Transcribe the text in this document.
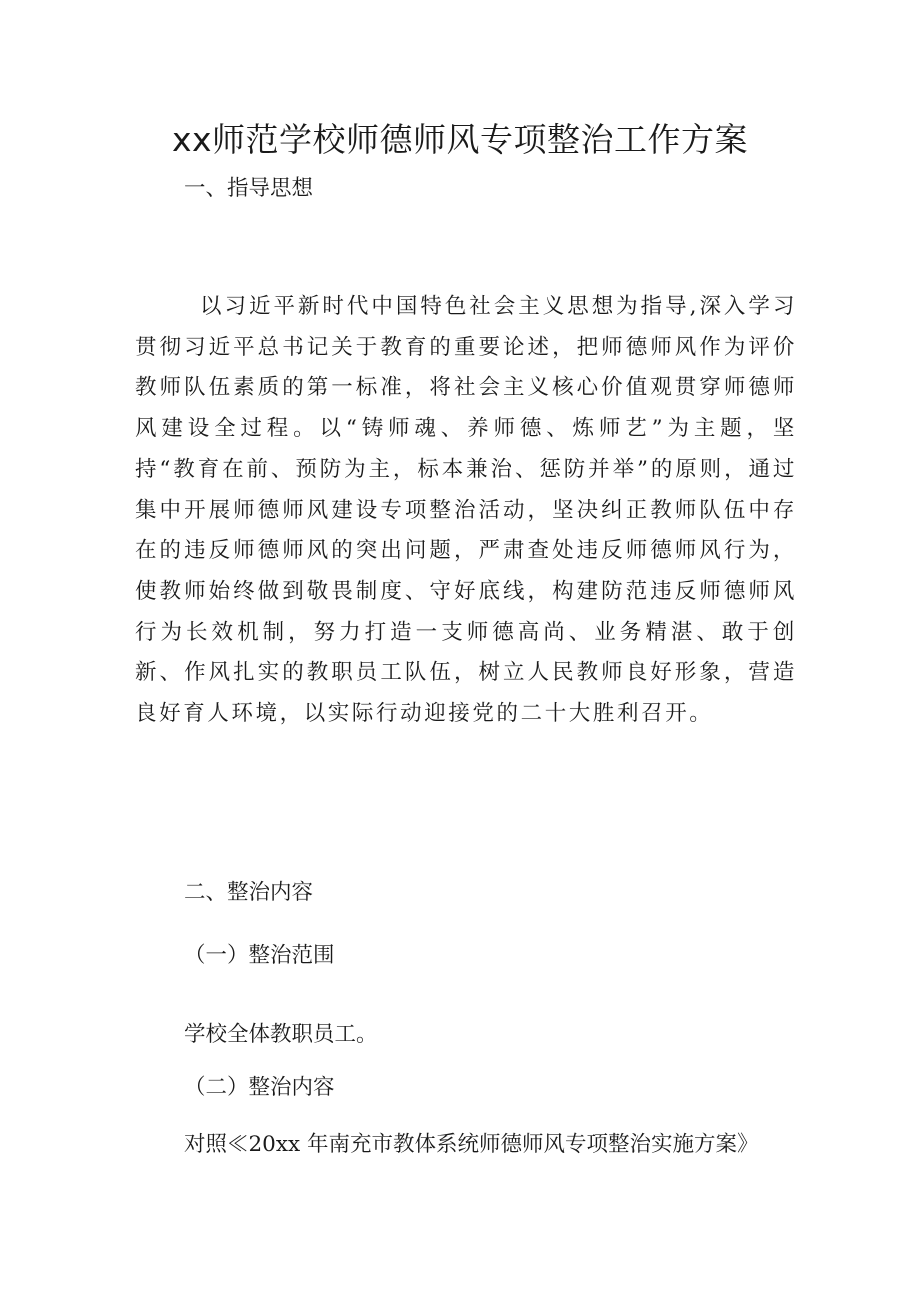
xx师范学校师德师风专项整治工作方案

一、指导思想

以习近平新时代中国特色社会主义思想为指导,深入学习贯彻习近平总书记关于教育的重要论述，把师德师风作为评价教师队伍素质的第一标准，将社会主义核心价值观贯穿师德师风建设全过程。以“铸师魂、养师德、炼师艺”为主题，坚持“教育在前、预防为主，标本兼治、惩防并举”的原则，通过集中开展师德师风建设专项整治活动，坚决纠正教师队伍中存在的违反师德师风的突出问题，严肃查处违反师德师风行为，使教师始终做到敬畏制度、守好底线，构建防范违反师德师风行为长效机制，努力打造一支师德高尚、业务精湛、敢于创新、作风扎实的教职员工队伍，树立人民教师良好形象，营造良好育人环境，以实际行动迎接党的二十大胜利召开。

二、整治内容

（一）整治范围

学校全体教职员工。

（二）整治内容

对照≪20xx 年南充市教体系统师德师风专项整治实施方案》
